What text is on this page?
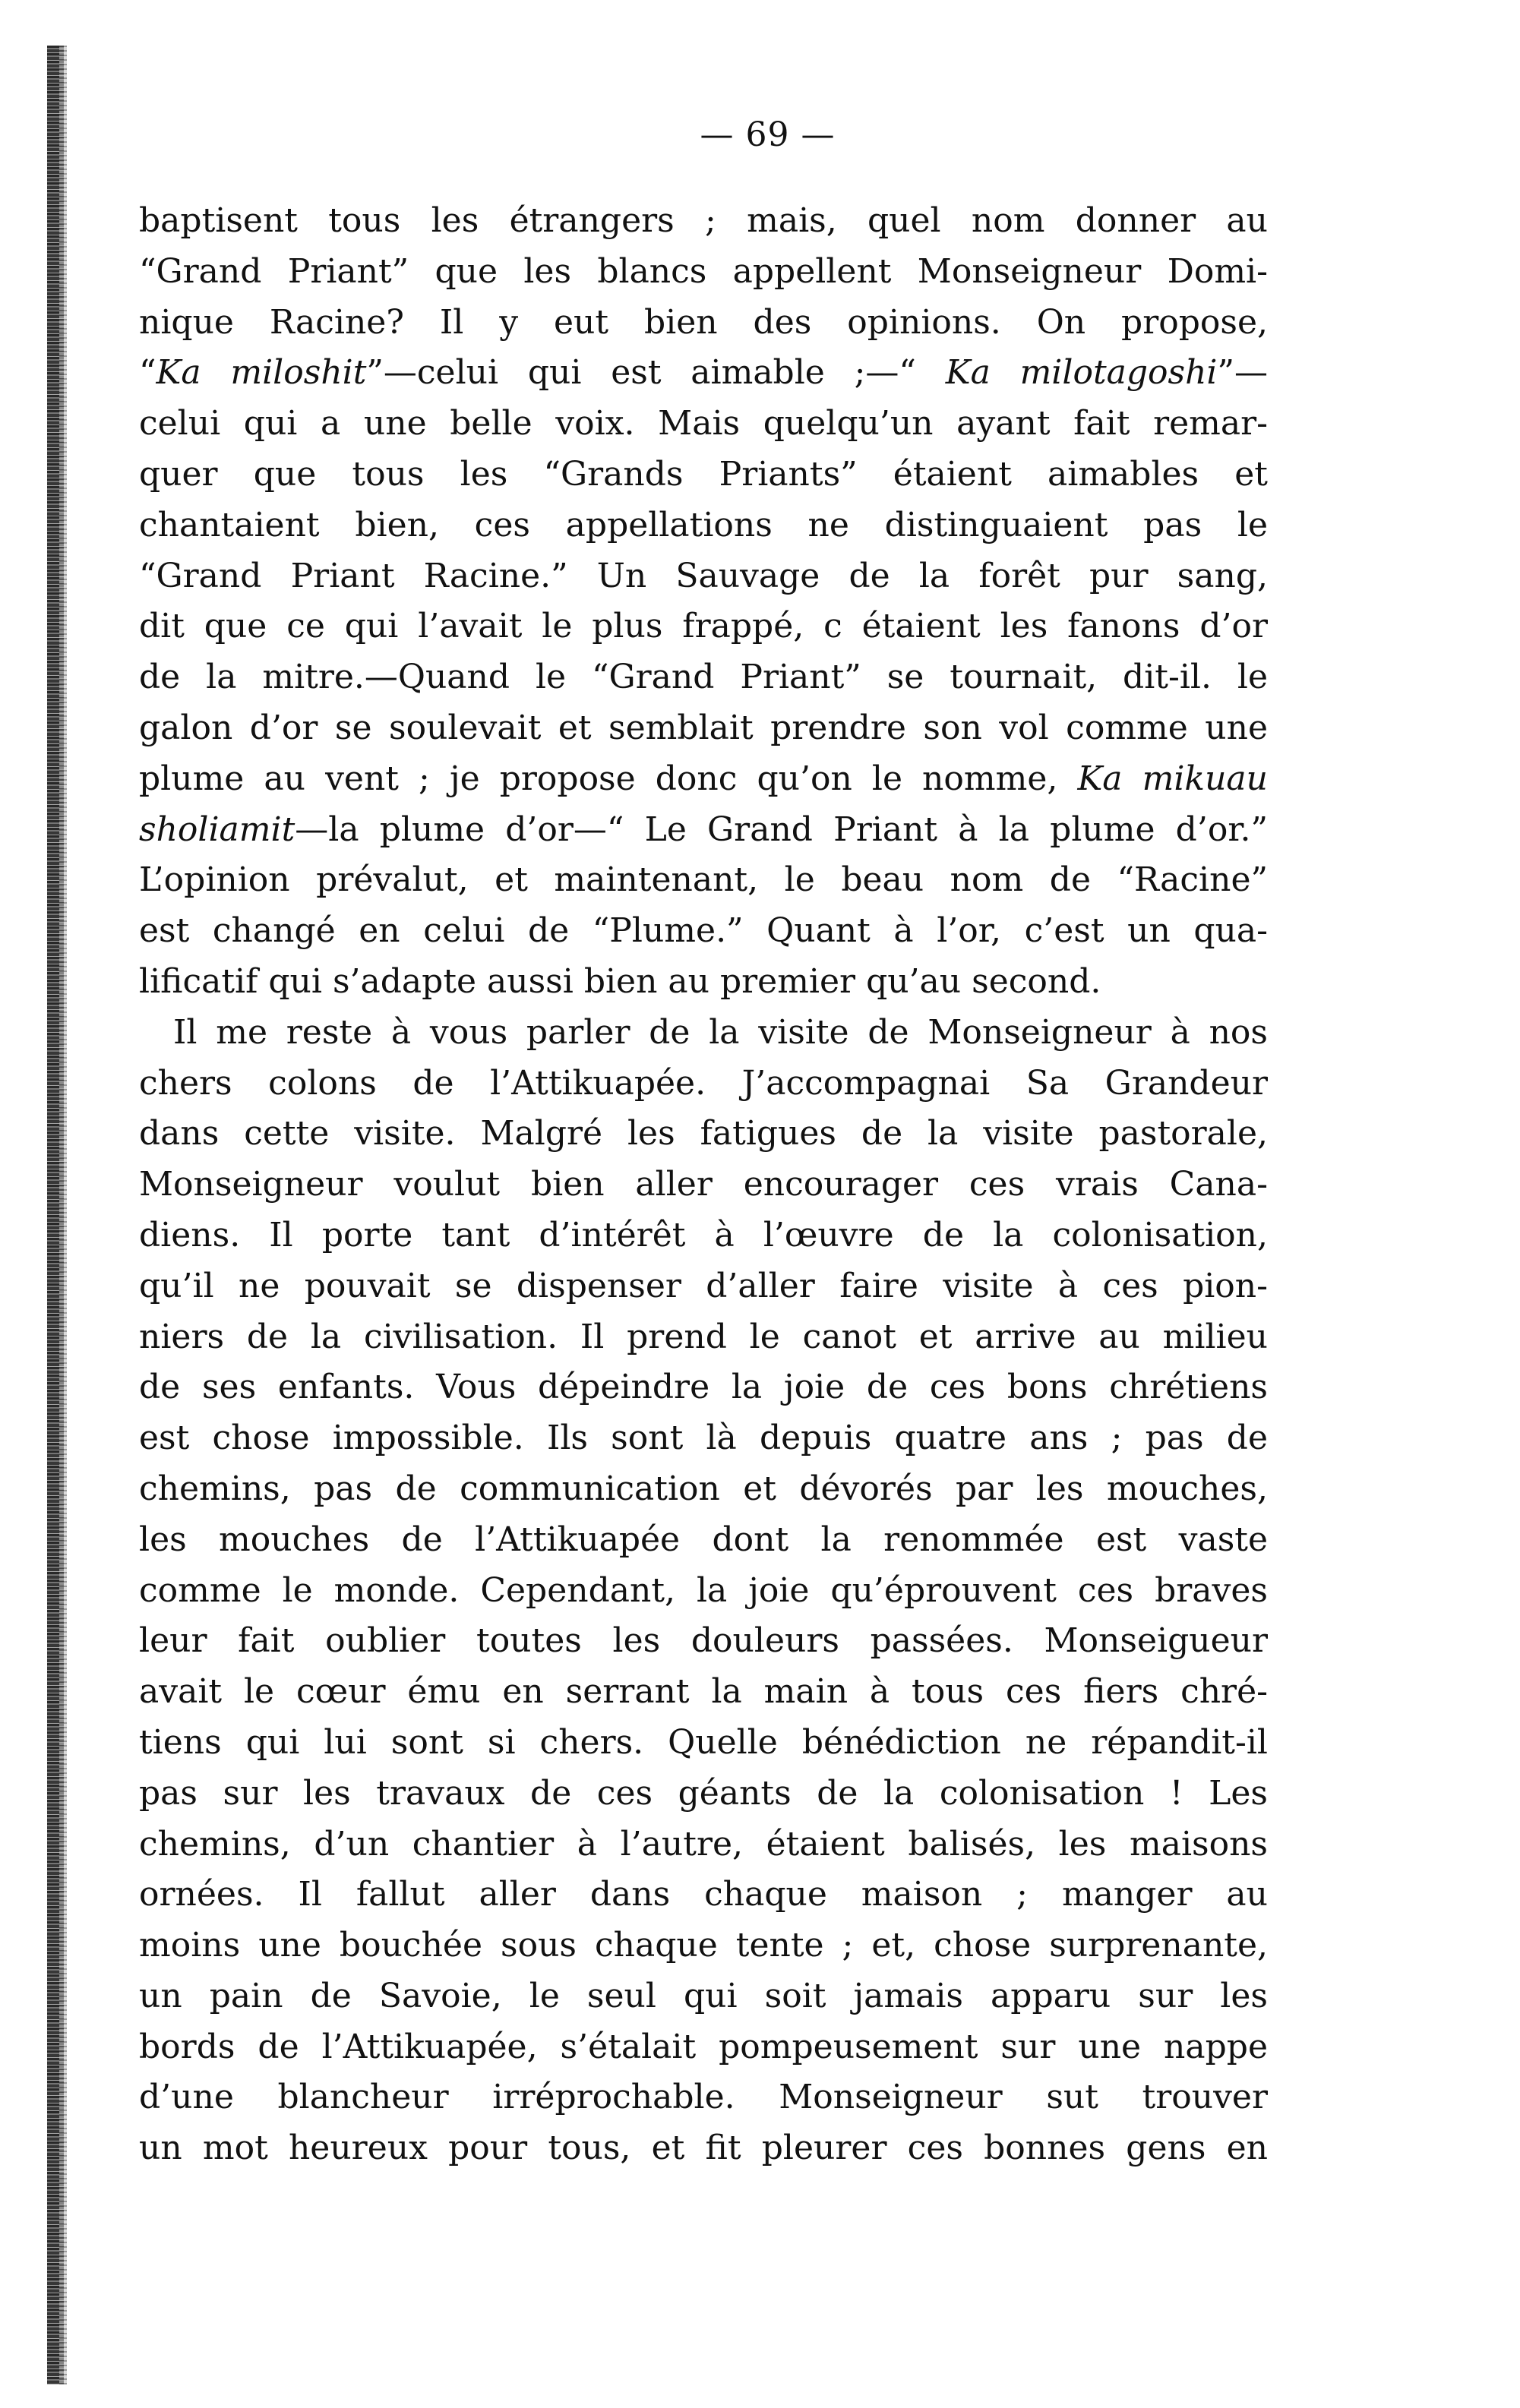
— 69 —
baptisent tous les étrangers ; mais, quel nom donner au
“Grand Priant” que les blancs appellent Monseigneur Domi-
nique Racine? Il y eut bien des opinions. On propose,
“Ka miloshit”—celui qui est aimable ;—“ Ka milotagoshi”—
celui qui a une belle voix. Mais quelqu’un ayant fait remar-
quer que tous les “Grands Priants” étaient aimables et
chantaient bien, ces appellations ne distinguaient pas le
“Grand Priant Racine.” Un Sauvage de la forêt pur sang,
dit que ce qui l’avait le plus frappé, c étaient les fanons d’or
de la mitre.—Quand le “Grand Priant” se tournait, dit-il. le
galon d’or se soulevait et semblait prendre son vol comme une
plume au vent ; je propose donc qu’on le nomme, Ka mikuau
sholiamit—la plume d’or—“ Le Grand Priant à la plume d’or.”
L’opinion prévalut, et maintenant, le beau nom de “Racine”
est changé en celui de “Plume.” Quant à l’or, c’est un qua-
lificatif qui s’adapte aussi bien au premier qu’au second.
Il me reste à vous parler de la visite de Monseigneur à nos
chers colons de l’Attikuapée. J’accompagnai Sa Grandeur
dans cette visite. Malgré les fatigues de la visite pastorale,
Monseigneur voulut bien aller encourager ces vrais Cana-
diens. Il porte tant d’intérêt à l’œuvre de la colonisation,
qu’il ne pouvait se dispenser d’aller faire visite à ces pion-
niers de la civilisation. Il prend le canot et arrive au milieu
de ses enfants. Vous dépeindre la joie de ces bons chrétiens
est chose impossible. Ils sont là depuis quatre ans ; pas de
chemins, pas de communication et dévorés par les mouches,
les mouches de l’Attikuapée dont la renommée est vaste
comme le monde. Cependant, la joie qu’éprouvent ces braves
leur fait oublier toutes les douleurs passées. Monseigueur
avait le cœur ému en serrant la main à tous ces fiers chré-
tiens qui lui sont si chers. Quelle bénédiction ne répandit-il
pas sur les travaux de ces géants de la colonisation ! Les
chemins, d’un chantier à l’autre, étaient balisés, les maisons
ornées. Il fallut aller dans chaque maison ; manger au
moins une bouchée sous chaque tente ; et, chose surprenante,
un pain de Savoie, le seul qui soit jamais apparu sur les
bords de l’Attikuapée, s’étalait pompeusement sur une nappe
d’une blancheur irréprochable. Monseigneur sut trouver
un mot heureux pour tous, et fit pleurer ces bonnes gens en
